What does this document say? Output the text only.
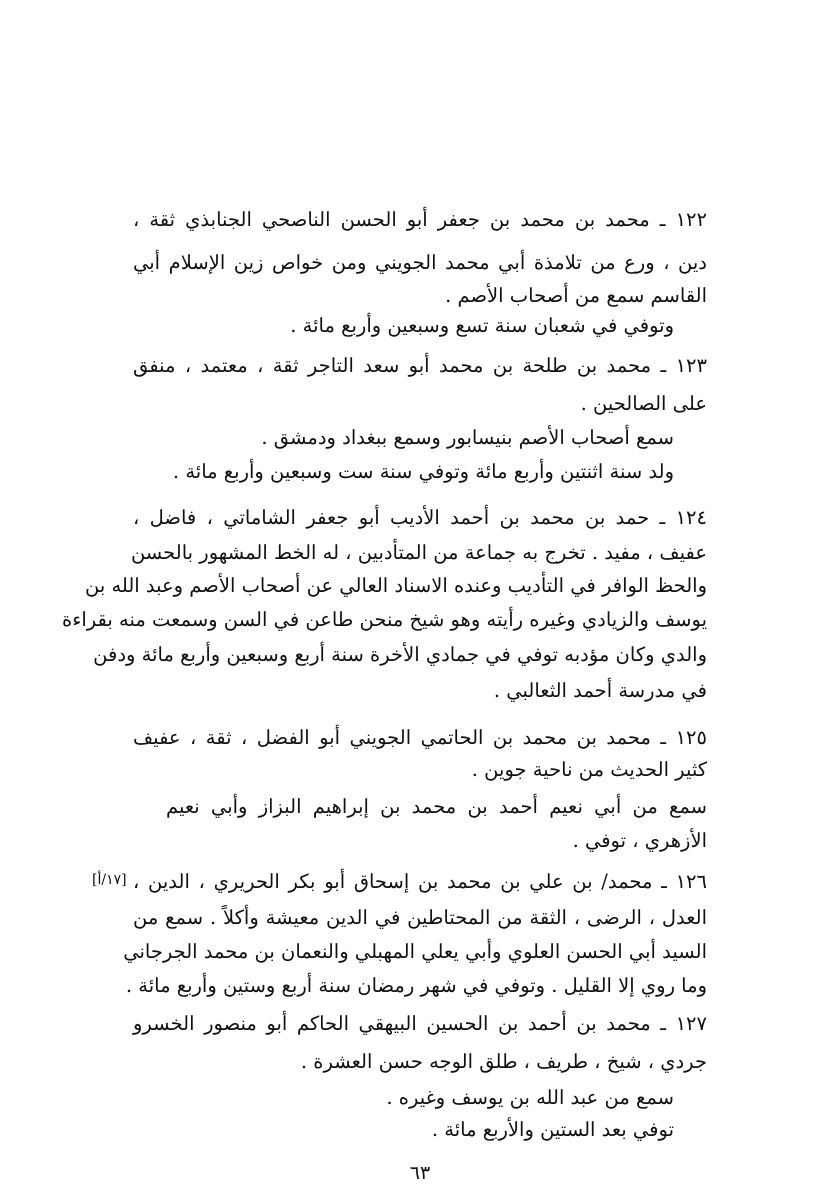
١٢٢ ـ محمد بن محمد بن جعفر أبو الحسن الناصحي الجنابذي ثقة ،
دين ، ورع من تلامذة أبي محمد الجويني ومن خواص زين الإسلام أبي
القاسم سمع من أصحاب الأصم .
وتوفي في شعبان سنة تسع وسبعين وأربع مائة .
١٢٣ ـ محمد بن طلحة بن محمد أبو سعد التاجر ثقة ، معتمد ، منفق
على الصالحين .
سمع أصحاب الأصم بنيسابور وسمع ببغداد ودمشق .
ولد سنة اثنتين وأربع مائة وتوفي سنة ست وسبعين وأربع مائة .
١٢٤ ـ حمد بن محمد بن أحمد الأديب أبو جعفر الشاماتي ، فاضل ،
عفيف ، مفيد . تخرج به جماعة من المتأدبين ، له الخط المشهور بالحسن
والحظ الوافر في التأديب وعنده الاسناد العالي عن أصحاب الأصم وعبد الله بن
يوسف والزيادي وغيره رأيته وهو شيخ منحن طاعن في السن وسمعت منه بقراءة
والدي وكان مؤدبه توفي في جمادي الأخرة سنة أربع وسبعين وأربع مائة ودفن
في مدرسة أحمد الثعالبي .
١٢٥ ـ محمد بن محمد بن الحاتمي الجويني أبو الفضل ، ثقة ، عفيف
كثير الحديث من ناحية جوين .
سمع من أبي نعيم أحمد بن محمد بن إبراهيم البزاز وأبي نعيم
الأزهري ، توفي .
١٢٦ ـ محمد/ بن علي بن محمد بن إسحاق أبو بكر الحريري ، الدين ،
العدل ، الرضى ، الثقة من المحتاطين في الدين معيشة وأكلاً . سمع من
السيد أبي الحسن العلوي وأبي يعلي المهبلي والنعمان بن محمد الجرجاني
وما روي إلا القليل . وتوفي في شهر رمضان سنة أربع وستين وأربع مائة .
١٢٧ ـ محمد بن أحمد بن الحسين البيهقي الحاكم أبو منصور الخسرو
جردي ، شيخ ، طريف ، طلق الوجه حسن العشرة .
سمع من عبد الله بن يوسف وغيره .
توفي بعد الستين والأربع مائة .
[١٧/أ]
٦٣
